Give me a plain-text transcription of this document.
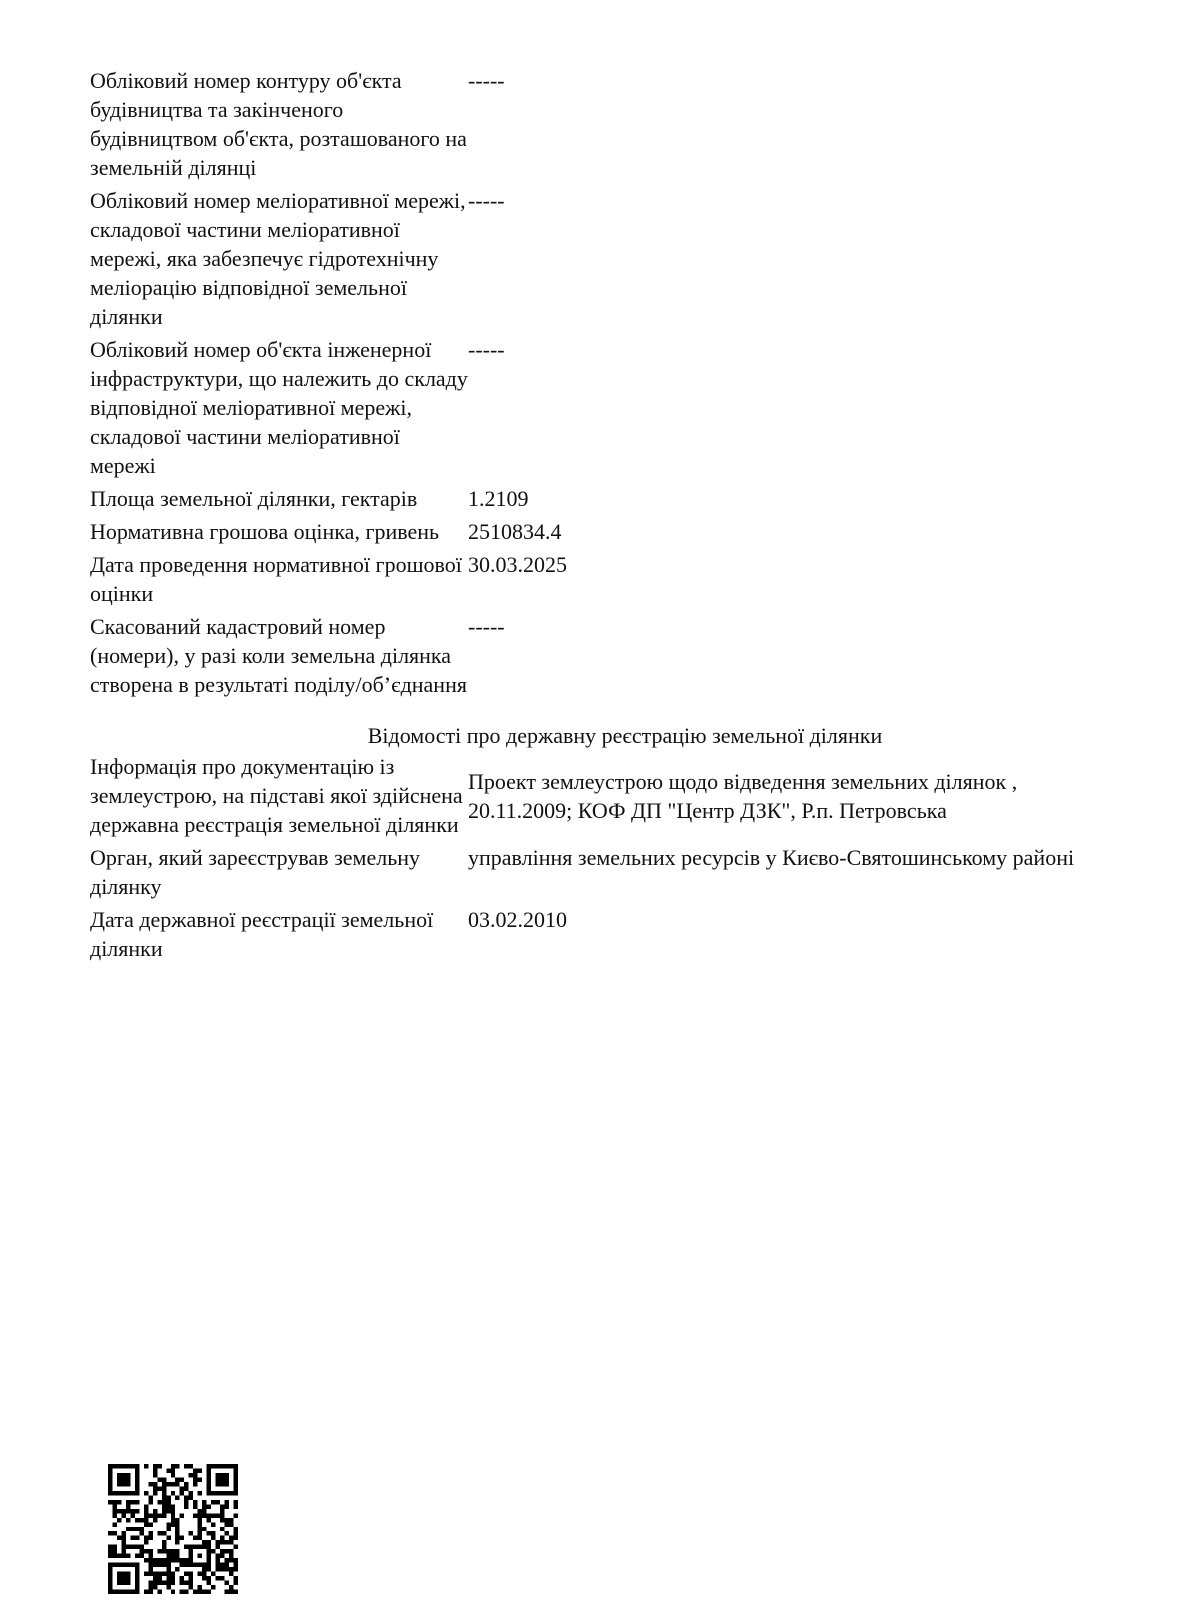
Обліковий номер контуру об'єкта будівництва та закінченого будівництвом об'єкта, розташованого на земельній ділянці
-----
Обліковий номер меліоративної мережі, складової частини меліоративної мережі, яка забезпечує гідротехнічну меліорацію відповідної земельної ділянки
-----
Обліковий номер об'єкта інженерної інфраструктури, що належить до складу відповідної меліоративної мережі, складової частини меліоративної мережі
-----
Площа земельної ділянки, гектарів	1.2109
Нормативна грошова оцінка, гривень	2510834.4
Дата проведення нормативної грошової оцінки
30.03.2025
Скасований кадастровий номер (номери), у разі коли земельна ділянка створена в результаті поділу/об’єднання
-----
Відомості про державну реєстрацію земельної ділянки
Інформація про документацію із землеустрою, на підставі якої здійснена державна реєстрація земельної ділянки
Проект землеустрою щодо відведення земельних ділянок , 20.11.2009; КОФ ДП "Центр ДЗК", Р.п. Петровська
Орган, який зареєстрував земельну ділянку
управління земельних ресурсів у Києво-Святошинському районі
Дата державної реєстрації земельної ділянки
03.02.2010
